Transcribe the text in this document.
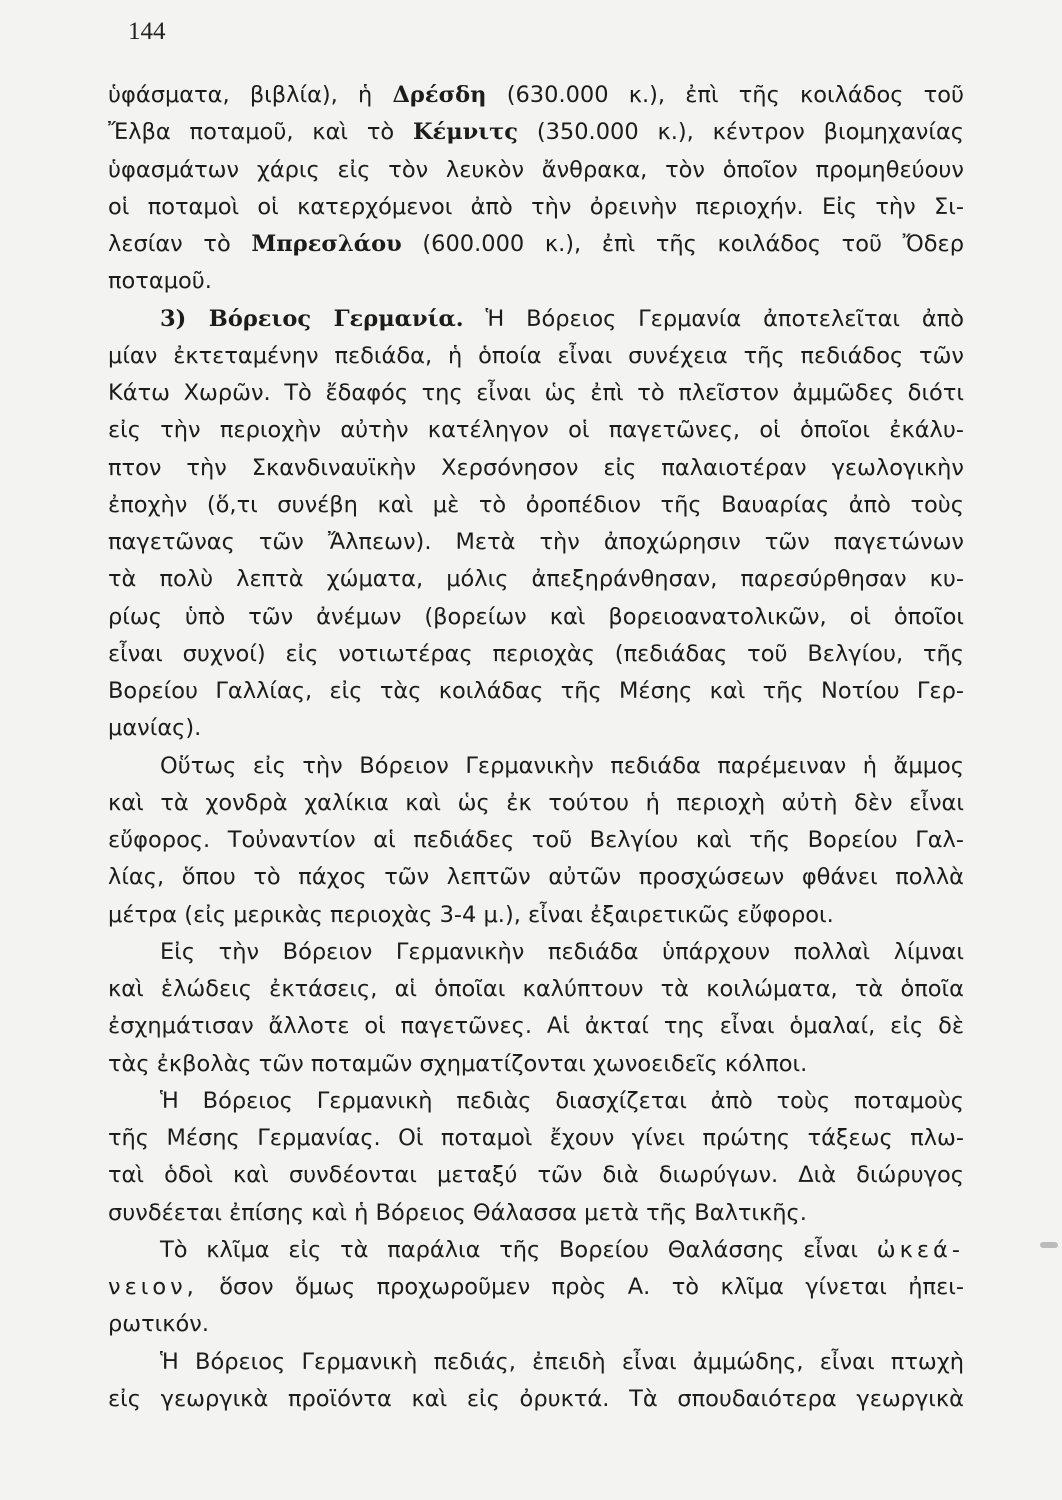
144
ὑφάσματα, βιβλία), ἡ Δρέσδη (630.000 κ.), ἐπὶ τῆς κοιλάδος τοῦ
Ἔλβα ποταμοῦ, καὶ τὸ Κέμνιτς (350.000 κ.), κέντρον βιομηχανίας
ὑφασμάτων χάρις εἰς τὸν λευκὸν ἄνθρακα, τὸν ὁποῖον προμηθεύουν
οἱ ποταμοὶ οἱ κατερχόμενοι ἀπὸ τὴν ὀρεινὴν περιοχήν. Εἰς τὴν Σι-
λεσίαν τὸ Μπρεσλάου (600.000 κ.), ἐπὶ τῆς κοιλάδος τοῦ Ὄδερ
ποταμοῦ.
3) Βόρειος Γερμανία. Ἡ Βόρειος Γερμανία ἀποτελεῖται ἀπὸ
μίαν ἐκτεταμένην πεδιάδα, ἡ ὁποία εἶναι συνέχεια τῆς πεδιάδος τῶν
Κάτω Χωρῶν. Τὸ ἔδαφός της εἶναι ὡς ἐπὶ τὸ πλεῖστον ἀμμῶδες διότι
εἰς τὴν περιοχὴν αὐτὴν κατέληγον οἱ παγετῶνες, οἱ ὁποῖοι ἐκάλυ-
πτον τὴν Σκανδιναυϊκὴν Χερσόνησον εἰς παλαιοτέραν γεωλογικὴν
ἐποχὴν (ὅ,τι συνέβη καὶ μὲ τὸ ὀροπέδιον τῆς Βαυαρίας ἀπὸ τοὺς
παγετῶνας τῶν Ἄλπεων). Μετὰ τὴν ἀποχώρησιν τῶν παγετώνων
τὰ πολὺ λεπτὰ χώματα, μόλις ἀπεξηράνθησαν, παρεσύρθησαν κυ-
ρίως ὑπὸ τῶν ἀνέμων (βορείων καὶ βορειοανατολικῶν, οἱ ὁποῖοι
εἶναι συχνοί) εἰς νοτιωτέρας περιοχὰς (πεδιάδας τοῦ Βελγίου, τῆς
Βορείου Γαλλίας, εἰς τὰς κοιλάδας τῆς Μέσης καὶ τῆς Νοτίου Γερ-
μανίας).
Οὕτως εἰς τὴν Βόρειον Γερμανικὴν πεδιάδα παρέμειναν ἡ ἄμμος
καὶ τὰ χονδρὰ χαλίκια καὶ ὡς ἐκ τούτου ἡ περιοχὴ αὐτὴ δὲν εἶναι
εὔφορος. Τοὐναντίον αἱ πεδιάδες τοῦ Βελγίου καὶ τῆς Βορείου Γαλ-
λίας, ὅπου τὸ πάχος τῶν λεπτῶν αὐτῶν προσχώσεων φθάνει πολλὰ
μέτρα (εἰς μερικὰς περιοχὰς 3-4 μ.), εἶναι ἐξαιρετικῶς εὔφοροι.
Εἰς τὴν Βόρειον Γερμανικὴν πεδιάδα ὑπάρχουν πολλαὶ λίμναι
καὶ ἑλώδεις ἐκτάσεις, αἱ ὁποῖαι καλύπτουν τὰ κοιλώματα, τὰ ὁποῖα
ἐσχημάτισαν ἄλλοτε οἱ παγετῶνες. Αἱ ἀκταί της εἶναι ὁμαλαί, εἰς δὲ
τὰς ἐκβολὰς τῶν ποταμῶν σχηματίζονται χωνοειδεῖς κόλποι.
Ἡ Βόρειος Γερμανικὴ πεδιὰς διασχίζεται ἀπὸ τοὺς ποταμοὺς
τῆς Μέσης Γερμανίας. Οἱ ποταμοὶ ἔχουν γίνει πρώτης τάξεως πλω-
ταὶ ὁδοὶ καὶ συνδέονται μεταξύ τῶν διὰ διωρύγων. Διὰ διώρυγος
συνδέεται ἐπίσης καὶ ἡ Βόρειος Θάλασσα μετὰ τῆς Βαλτικῆς.
Τὸ κλῖμα εἰς τὰ παράλια τῆς Βορείου Θαλάσσης εἶναι ὠκεά-
νειον, ὅσον ὅμως προχωροῦμεν πρὸς Α. τὸ κλῖμα γίνεται ἠπει-
ρωτικόν.
Ἡ Βόρειος Γερμανικὴ πεδιάς, ἐπειδὴ εἶναι ἀμμώδης, εἶναι πτωχὴ
εἰς γεωργικὰ προϊόντα καὶ εἰς ὀρυκτά. Τὰ σπουδαιότερα γεωργικὰ
